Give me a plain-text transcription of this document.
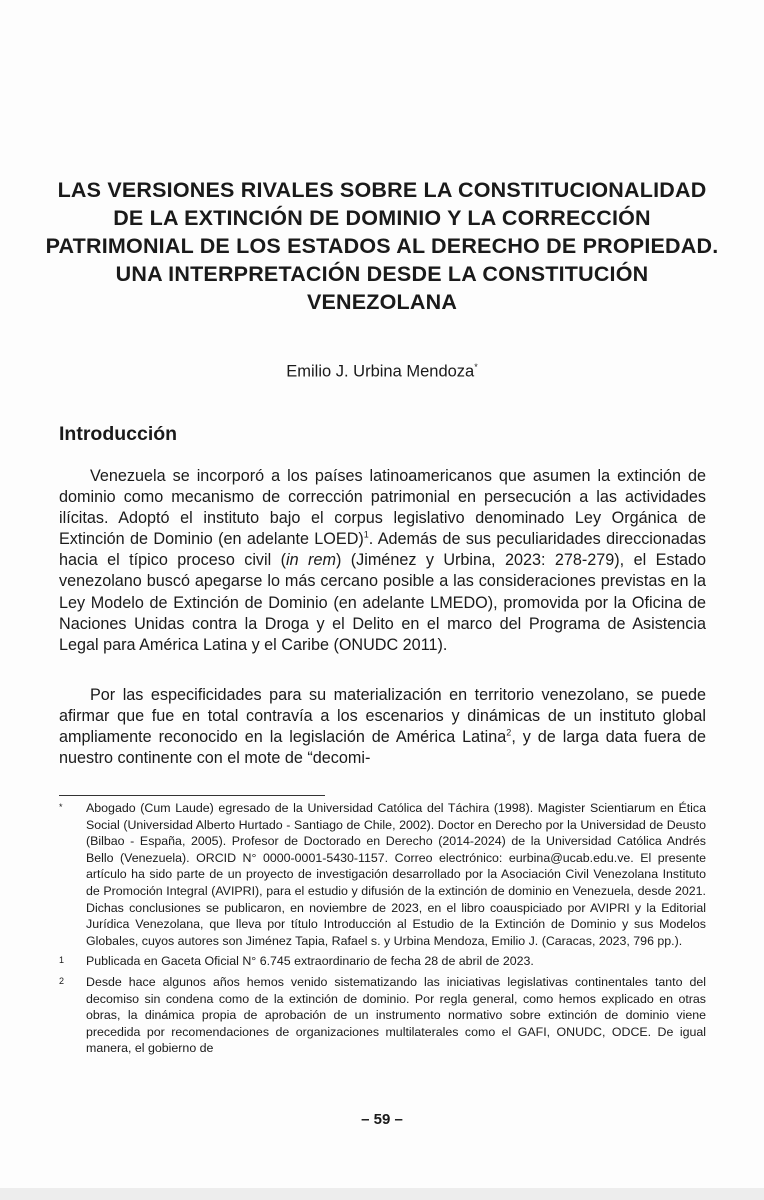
LAS VERSIONES RIVALES SOBRE LA CONSTITUCIONALIDAD DE LA EXTINCIÓN DE DOMINIO Y LA CORRECCIÓN PATRIMONIAL DE LOS ESTADOS AL DERECHO DE PROPIEDAD. UNA INTERPRETACIÓN DESDE LA CONSTITUCIÓN VENEZOLANA
Emilio J. Urbina Mendoza*
Introducción

Venezuela se incorporó a los países latinoamericanos que asumen la extinción de dominio como mecanismo de corrección patrimonial en persecución a las actividades ilícitas. Adoptó el instituto bajo el corpus legislativo denominado Ley Orgánica de Extinción de Dominio (en adelante LOED)$^1$. Además de sus peculiaridades direccionadas hacia el típico proceso civil (in rem) (Jiménez y Urbina, 2023: 278-279), el Estado venezolano buscó apegarse lo más cercano posible a las consideraciones previstas en la Ley Modelo de Extinción de Dominio (en adelante LMEDO), promovida por la Oficina de Naciones Unidas contra la Droga y el Delito en el marco del Programa de Asistencia Legal para América Latina y el Caribe (ONUDC 2011).

Por las especificidades para su materialización en territorio venezolano, se puede afirmar que fue en total contravía a los escenarios y dinámicas de un instituto global ampliamente reconocido en la legislación de América Latina$^2$, y de larga data fuera de nuestro continente con el mote de “decomi-

*	Abogado (Cum Laude) egresado de la Universidad Católica del Táchira (1998). Magister Scientiarum en Ética Social (Universidad Alberto Hurtado - Santiago de Chile, 2002). Doctor en Derecho por la Universidad de Deusto (Bilbao - España, 2005). Profesor de Doctorado en Derecho (2014-2024) de la Universidad Católica Andrés Bello (Venezuela). ORCID N° 0000-0001-5430-1157. Correo electrónico: eurbina@ucab.edu.ve. El presente artículo ha sido parte de un proyecto de investigación desarrollado por la Asociación Civil Venezolana Instituto de Promoción Integral (AVIPRI), para el estudio y difusión de la extinción de dominio en Venezuela, desde 2021. Dichas conclusiones se publicaron, en noviembre de 2023, en el libro coauspiciado por AVIPRI y la Editorial Jurídica Venezolana, que lleva por título Introducción al Estudio de la Extinción de Dominio y sus Modelos Globales, cuyos autores son Jiménez Tapia, Rafael s. y Urbina Mendoza, Emilio J. (Caracas, 2023, 796 pp.).
1	Publicada en Gaceta Oficial N° 6.745 extraordinario de fecha 28 de abril de 2023.
2	Desde hace algunos años hemos venido sistematizando las iniciativas legislativas continentales tanto del decomiso sin condena como de la extinción de dominio. Por regla general, como hemos explicado en otras obras, la dinámica propia de aprobación de un instrumento normativo sobre extinción de dominio viene precedida por recomendaciones de organizaciones multilaterales como el GAFI, ONUDC, ODCE. De igual manera, el gobierno de
– 59 –
